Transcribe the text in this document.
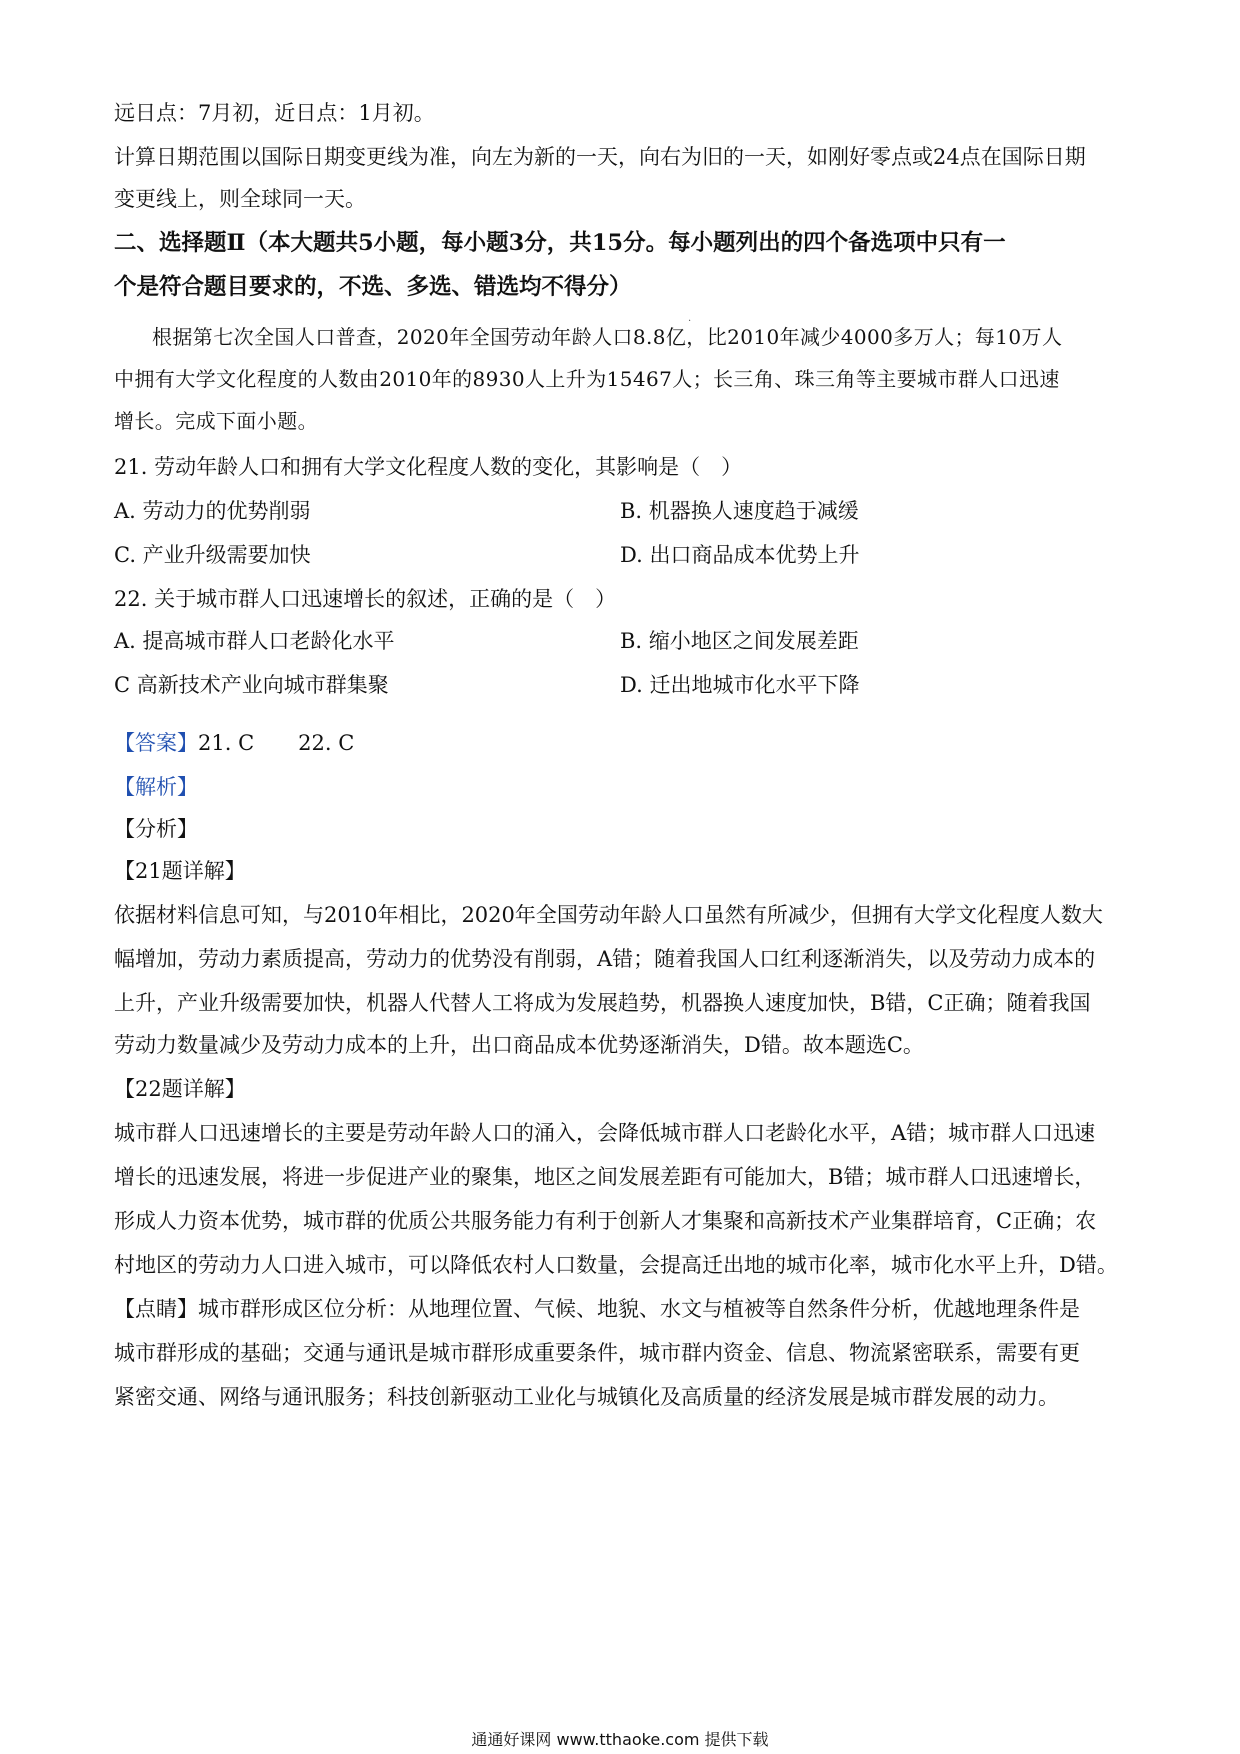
远日点：7月初，近日点：1月初。
计算日期范围以国际日期变更线为准，向左为新的一天，向右为旧的一天，如刚好零点或24点在国际日期
变更线上，则全球同一天。
二、选择题Ⅱ（本大题共5小题，每小题3分，共15分。每小题列出的四个备选项中只有一
个是符合题目要求的，不选、多选、错选均不得分）
.
根据第七次全国人口普查，2020年全国劳动年龄人口8.8亿，比2010年减少4000多万人；每10万人
中拥有大学文化程度的人数由2010年的8930人上升为15467人；长三角、珠三角等主要城市群人口迅速
增长。完成下面小题。
21. 劳动年龄人口和拥有大学文化程度人数的变化，其影响是（　）
A. 劳动力的优势削弱	B. 机器换人速度趋于减缓
C. 产业升级需要加快	D. 出口商品成本优势上升
22. 关于城市群人口迅速增长的叙述，正确的是（　）
A. 提高城市群人口老龄化水平	B. 缩小地区之间发展差距
C 高新技术产业向城市群集聚	D. 迁出地城市化水平下降
【答案】21. C 22. C
【解析】
【分析】
【21题详解】
依据材料信息可知，与2010年相比，2020年全国劳动年龄人口虽然有所减少，但拥有大学文化程度人数大
幅增加，劳动力素质提高，劳动力的优势没有削弱，A错；随着我国人口红利逐渐消失，以及劳动力成本的
上升，产业升级需要加快，机器人代替人工将成为发展趋势，机器换人速度加快，B错，C正确；随着我国
劳动力数量减少及劳动力成本的上升，出口商品成本优势逐渐消失，D错。故本题选C。
【22题详解】
城市群人口迅速增长的主要是劳动年龄人口的涌入，会降低城市群人口老龄化水平，A错；城市群人口迅速
增长的迅速发展，将进一步促进产业的聚集，地区之间发展差距有可能加大，B错；城市群人口迅速增长，
形成人力资本优势，城市群的优质公共服务能力有利于创新人才集聚和高新技术产业集群培育，C正确；农
村地区的劳动力人口进入城市，可以降低农村人口数量，会提高迁出地的城市化率，城市化水平上升，D错。
【点睛】城市群形成区位分析：从地理位置、气候、地貌、水文与植被等自然条件分析，优越地理条件是
城市群形成的基础；交通与通讯是城市群形成重要条件，城市群内资金、信息、物流紧密联系，需要有更
紧密交通、网络与通讯服务；科技创新驱动工业化与城镇化及高质量的经济发展是城市群发展的动力。
通通好课网 www.tthaoke.com 提供下载
